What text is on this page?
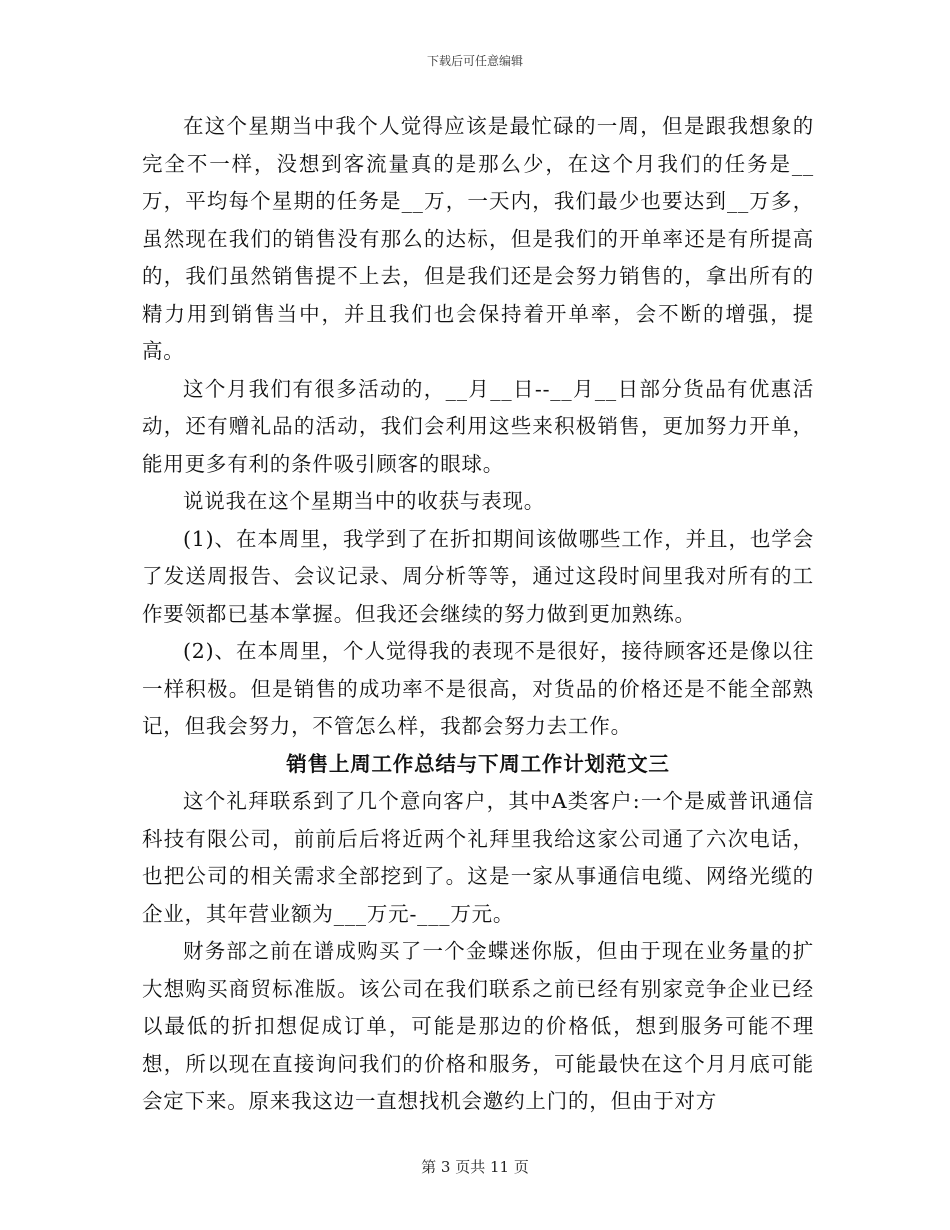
下载后可任意编辑

在这个星期当中我个人觉得应该是最忙碌的一周，但是跟我想象的完全不一样，没想到客流量真的是那么少，在这个月我们的任务是__万，平均每个星期的任务是__万，一天内，我们最少也要达到__万多，虽然现在我们的销售没有那么的达标，但是我们的开单率还是有所提高的，我们虽然销售提不上去，但是我们还是会努力销售的，拿出所有的精力用到销售当中，并且我们也会保持着开单率，会不断的增强，提高。

这个月我们有很多活动的，__月__日--__月__日部分货品有优惠活动，还有赠礼品的活动，我们会利用这些来积极销售，更加努力开单，能用更多有利的条件吸引顾客的眼球。

说说我在这个星期当中的收获与表现。

(1)、在本周里，我学到了在折扣期间该做哪些工作，并且，也学会了发送周报告、会议记录、周分析等等，通过这段时间里我对所有的工作要领都已基本掌握。但我还会继续的努力做到更加熟练。

(2)、在本周里，个人觉得我的表现不是很好，接待顾客还是像以往一样积极。但是销售的成功率不是很高，对货品的价格还是不能全部熟记，但我会努力，不管怎么样，我都会努力去工作。

销售上周工作总结与下周工作计划范文三

这个礼拜联系到了几个意向客户，其中A类客户:一个是威普讯通信科技有限公司，前前后后将近两个礼拜里我给这家公司通了六次电话，也把公司的相关需求全部挖到了。这是一家从事通信电缆、网络光缆的企业，其年营业额为___万元-___万元。

财务部之前在谱成购买了一个金蝶迷你版，但由于现在业务量的扩大想购买商贸标准版。该公司在我们联系之前已经有别家竞争企业已经以最低的折扣想促成订单，可能是那边的价格低，想到服务可能不理想，所以现在直接询问我们的价格和服务，可能最快在这个月月底可能会定下来。原来我这边一直想找机会邀约上门的，但由于对方

第 3 页共 11 页
